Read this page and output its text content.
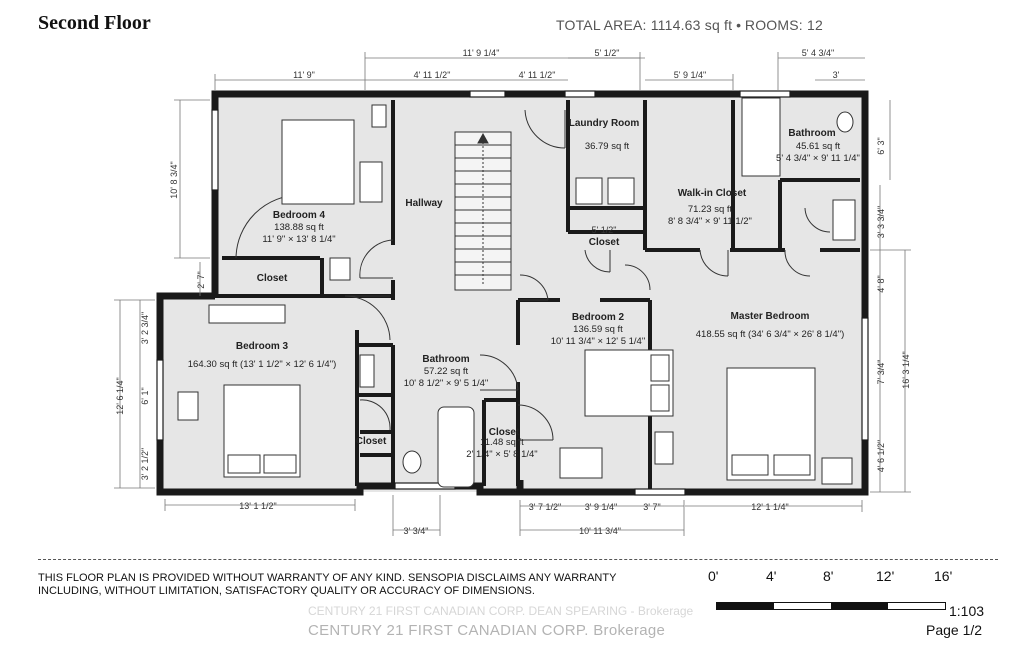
Bedroom 4
138.88 sq ft
11' 9" × 13' 8 1/4"
Hallway
Laundry Room
36.79 sq ft
Walk-in Closet
71.23 sq ft
8' 8 3/4" × 9' 11 1/2"
Bathroom
45.61 sq ft
5' 4 3/4" × 9' 11 1/4"
Closet
Closet
Bedroom 3
164.30 sq ft (13' 1 1/2" × 12' 6 1/4")
Bedroom 2
136.59 sq ft
10' 11 3/4" × 12' 5 1/4"
Master Bedroom
418.55 sq ft (34' 6 3/4" × 26' 8 1/4")
Bathroom
57.22 sq ft
10' 8 1/2" × 9' 5 1/4"
Closet
Closet
11.48 sq ft
2' 1/4" × 5' 8 1/4"
11' 9 1/4"
11' 9"	4' 11 1/2"	4' 11 1/2"
5' 1/2"
5' 9 1/4"
5' 4 3/4"
3'
10' 8 3/4"
2' 7"
3' 2 3/4"
6' 1"
3' 2 1/2"
12' 6 1/4"
6' 3"
3' 3 3/4"
4' 8"
7' 3/4"
4' 6 1/2"
16' 3 1/4"
5' 1/2"
13' 1 1/2"
3' 3/4"
3' 7 1/2"	3' 9 1/4"	3' 7"
10' 11 3/4"
12' 1 1/4"
Second Floor	TOTAL AREA: 1114.63 sq ft • ROOMS: 12
THIS FLOOR PLAN IS PROVIDED WITHOUT WARRANTY OF ANY KIND. SENSOPIA DISCLAIMS ANY WARRANTY INCLUDING, WITHOUT LIMITATION, SATISFACTORY QUALITY OR ACCURACY OF DIMENSIONS.
0'	4'	8'	12'	16'
1:103
Page 1/2
CENTURY 21 FIRST CANADIAN CORP. DEAN SPEARING - Brokerage
CENTURY 21 FIRST CANADIAN CORP. Brokerage
